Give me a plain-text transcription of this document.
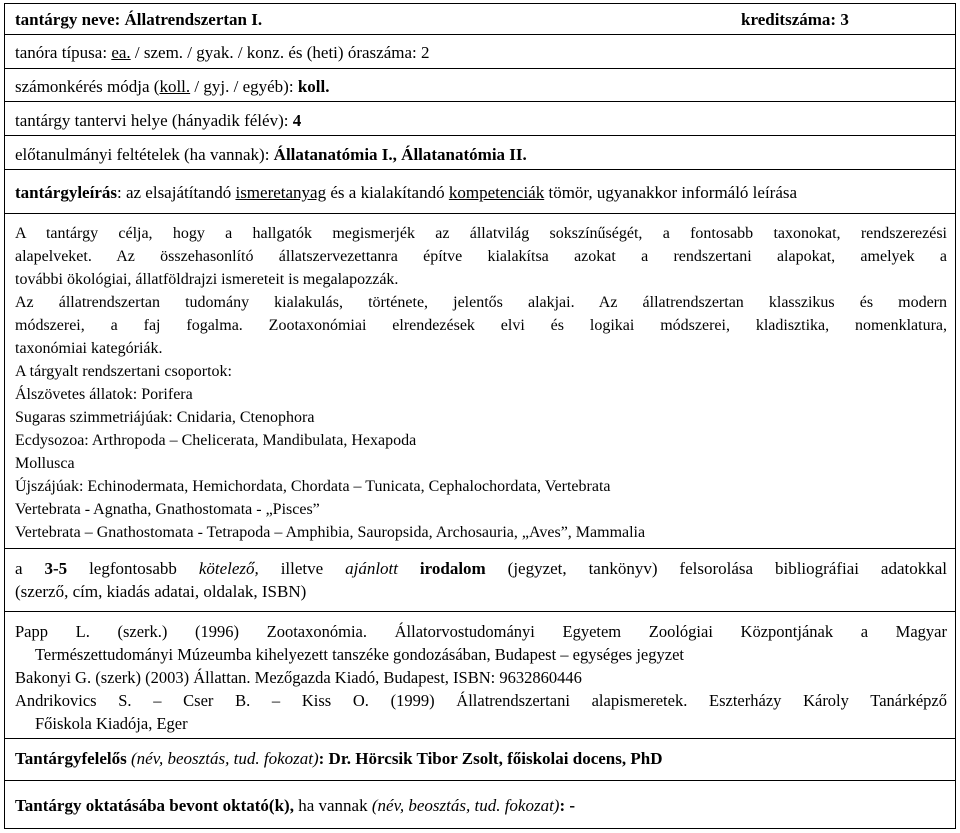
tantárgy neve: Állatrendszertan I.	kreditszáma: 3
tanóra típusa: ea. / szem. / gyak. / konz. és (heti) óraszáma: 2
számonkérés módja (koll. / gyj. / egyéb): koll.
tantárgy tantervi helye (hányadik félév): 4
előtanulmányi feltételek (ha vannak): Állatanatómia I., Állatanatómia II.
tantárgyleírás: az elsajátítandó ismeretanyag és a kialakítandó kompetenciák tömör, ugyanakkor informáló leírása
A tantárgy célja, hogy a hallgatók megismerjék az állatvilág sokszínűségét, a fontosabb taxonokat, rendszerezési
alapelveket. Az összehasonlító állatszervezettanra építve kialakítsa azokat a rendszertani alapokat, amelyek a
további ökológiai, állatföldrajzi ismereteit is megalapozzák.
Az állatrendszertan tudomány kialakulás, története, jelentős alakjai. Az állatrendszertan klasszikus és modern
módszerei, a faj fogalma. Zootaxonómiai elrendezések elvi és logikai módszerei, kladisztika, nomenklatura,
taxonómiai kategóriák.
A tárgyalt rendszertani csoportok:
Álszövetes állatok: Porifera
Sugaras szimmetriájúak: Cnidaria, Ctenophora
Ecdysozoa: Arthropoda – Chelicerata, Mandibulata, Hexapoda
Mollusca
Újszájúak: Echinodermata, Hemichordata, Chordata – Tunicata, Cephalochordata, Vertebrata
Vertebrata - Agnatha, Gnathostomata - „Pisces”
Vertebrata – Gnathostomata - Tetrapoda – Amphibia, Sauropsida, Archosauria, „Aves”, Mammalia
a 3-5 legfontosabb kötelező, illetve ajánlott irodalom (jegyzet, tankönyv) felsorolása bibliográfiai adatokkal
(szerző, cím, kiadás adatai, oldalak, ISBN)
Papp L. (szerk.) (1996) Zootaxonómia. Állatorvostudományi Egyetem Zoológiai Központjának a Magyar
Természettudományi Múzeumba kihelyezett tanszéke gondozásában, Budapest – egységes jegyzet
Bakonyi G. (szerk) (2003) Állattan. Mezőgazda Kiadó, Budapest, ISBN: 9632860446
Andrikovics S. – Cser B. – Kiss O. (1999) Állatrendszertani alapismeretek. Eszterházy Károly Tanárképző
Főiskola Kiadója, Eger
Tantárgyfelelős (név, beosztás, tud. fokozat): Dr. Hörcsik Tibor Zsolt, főiskolai docens, PhD
Tantárgy oktatásába bevont oktató(k), ha vannak (név, beosztás, tud. fokozat): -
